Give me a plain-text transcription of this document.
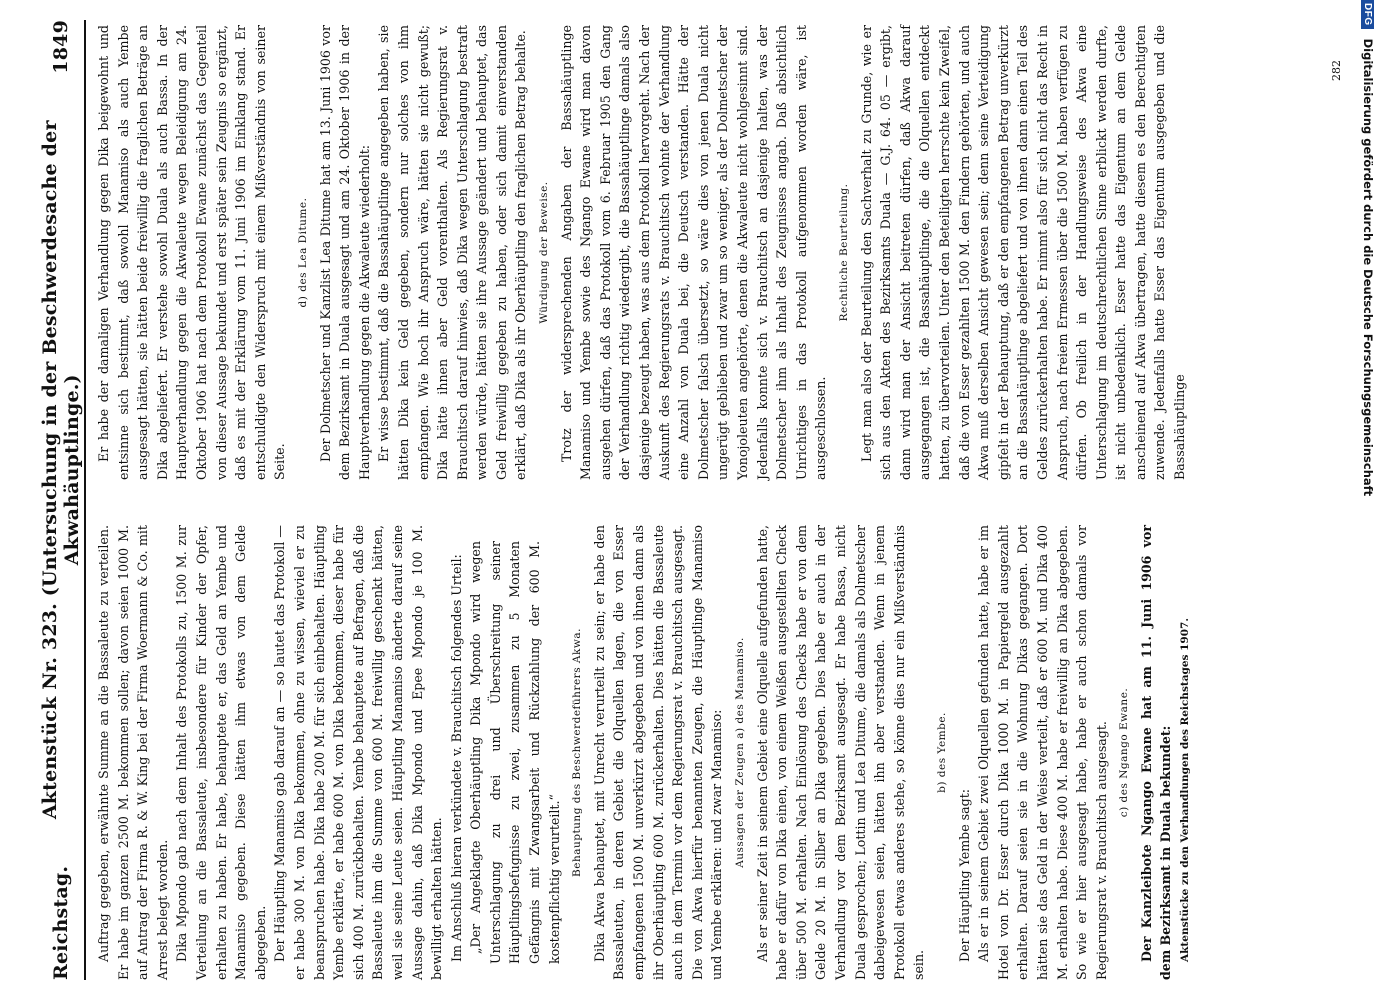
Reichstag.
Aktenstück Nr. 323. (Untersuchung in der Beschwerdesache der Akwahäuptlinge.)
1849

Auftrag gegeben, erwähnte Summe an die Bassaleute zu verteilen. Er habe im ganzen 2500 M. bekommen sollen; davon seien 1000 M. auf Antrag der Firma R. & W. King bei der Firma Woermann & Co. mit Arrest belegt worden. Dika Mpondo gab nach dem Inhalt des Protokolls zu, 1500 M. zur Verteilung an die Bassaleute, insbesondere für Kinder der Opfer, erhalten zu haben. Er habe, behauptete er, das Geld an Yembe und Manamiso gegeben. Diese hätten ihm etwas von dem Gelde abgegeben. Der Häuptling Manamiso gab darauf an — so lautet das Protokoll — er habe 300 M. von Dika bekommen, ohne zu wissen, wieviel er zu beanspruchen habe. Dika habe 200 M. für sich einbehalten. Häuptling Yembe erklärte, er habe 600 M. von Dika bekommen, dieser habe für sich 400 M. zurückbehalten. Yembe behauptete auf Befragen, daß die Bassaleute ihm die Summe von 600 M. freiwillig geschenkt hätten, weil sie seine Leute seien. Häuptling Manamiso änderte darauf seine Aussage dahin, daß Dika Mpondo und Epee Mpondo je 100 M. bewilligt erhalten hätten. Im Anschluß hieran verkündete v. Brauchitsch folgendes Urteil: „Der Angeklagte Oberhäuptling Dika Mpondo wird wegen Unterschlagung zu drei und Überschreitung seiner Häuptlingsbefugnisse zu zwei, zusammen zu 5 Monaten Gefängnis mit Zwangsarbeit und Rückzahlung der 600 M. kostenpflichtig verurteilt.“

Behauptung des Beschwerdeführers Akwa. Dika Akwa behauptet, mit Unrecht verurteilt zu sein; er habe den Bassaleuten, in deren Gebiet die Olquellen lagen, die von Esser empfangenen 1500 M. unverkürzt abgegeben und von ihnen dann als ihr Oberhäuptling 600 M. zurückerhalten. Dies hätten die Bassaleute auch in dem Termin vor dem Regierungsrat v. Brauchitsch ausgesagt. Die von Akwa hierfür benannten Zeugen, die Häuptlinge Manamiso und Yembe erklären: und zwar Manamiso: Aussagen der Zeugen a) des Manamiso. Als er seiner Zeit in seinem Gebiet eine Olquelle aufgefunden hatte, habe er dafür von Dika einen, von einem Weißen ausgestellten Check über 500 M. erhalten. Nach Einlösung des Checks habe er von dem Gelde 20 M. in Silber an Dika gegeben. Dies habe er auch in der Verhandlung vor dem Bezirksamt ausgesagt. Er habe Bassa, nicht Duala gesprochen; Lottin und Lea Ditume, die damals als Dolmetscher dabeigewesen seien, hätten ihn aber verstanden. Wenn in jenem Protokoll etwas anderes stehe, so könne dies nur ein Mißverständnis sein.

b) des Yembe.

Der Häuptling Yembe sagt: Als er in seinem Gebiet zwei Olquellen gefunden hatte, habe er im Hotel von Dr. Esser durch Dika 1000 M. in Papiergeld ausgezahlt erhalten. Darauf seien sie in die Wohnung Dikas gegangen. Dort hätten sie das Geld in der Weise verteilt, daß er 600 M. und Dika 400 M. erhalten habe. Diese 400 M. habe er freiwillig an Dika abgegeben. So wie er hier ausgesagt habe, habe er auch schon damals vor Regierungsrat v. Brauchitsch ausgesagt. c) des Ngango Ewane. Der Kanzleibote Ngango Ewane hat am 11. Juni 1906 vor dem Bezirksamt in Duala bekundet: Aktenstücke zu den Verhandlungen des Reichstages 1907.

Er habe der damaligen Verhandlung gegen Dika beigewohnt und entsinne sich bestimmt, daß sowohl Manamiso als auch Yembe ausgesagt hätten, sie hätten beide freiwillig die fraglichen Beträge an Dika abgeliefert. Er verstehe sowohl Duala als auch Bassa. In der Hauptverhandlung gegen die Akwaleute wegen Beleidigung am 24. Oktober 1906 hat nach dem Protokoll Ewane zunächst das Gegenteil von dieser Aussage bekundet und erst später sein Zeugnis so ergänzt, daß es mit der Erklärung vom 11. Juni 1906 im Einklang stand. Er entschuldigte den Widerspruch mit einem Mißverständnis von seiner Seite.

d) des Lea Ditume. Der Dolmetscher und Kanzlist Lea Ditume hat am 13. Juni 1906 vor dem Bezirksamt in Duala ausgesagt und am 24. Oktober 1906 in der Hauptverhandlung gegen die Akwaleute wiederholt: Er wisse bestimmt, daß die Bassahäuptlinge angegeben haben, sie hätten Dika kein Geld gegeben, sondern nur solches von ihm empfangen. Wie hoch ihr Anspruch wäre, hätten sie nicht gewußt; Dika hätte ihnen aber Geld vorenthalten. Als Regierungsrat v. Brauchitsch darauf hinwies, daß Dika wegen Unterschlagung bestraft werden würde, hätten sie ihre Aussage geändert und behauptet, das Geld freiwillig gegeben zu haben, oder sich damit einverstanden erklärt, daß Dika als ihr Oberhäuptling den fraglichen Betrag behalte. Würdigung der Beweise. Trotz der widersprechenden Angaben der Bassahäuptlinge Manamiso und Yembe sowie des Ngango Ewane wird man davon ausgehen dürfen, daß das Protokoll vom 6. Februar 1905 den Gang der Verhandlung richtig wiedergibt, die Bassahäuptlinge damals also dasjenige bezeugt haben, was aus dem Protokoll hervorgeht. Nach der Auskunft des Regierungsrats v. Brauchitsch wohnte der Verhandlung eine Anzahl von Duala bei, die Deutsch verstanden. Hätte der Dolmetscher falsch übersetzt, so wäre dies von jenen Duala nicht ungerügt geblieben und zwar um so weniger, als der Dolmetscher der Yonojoleuten angehörte, denen die Akwaleute nicht wohlgesinnt sind. Jedenfalls konnte sich v. Brauchitsch an dasjenige halten, was der Dolmetscher ihm als Inhalt des Zeugnisses angab. Daß absichtlich Unrichtiges in das Protokoll aufgenommen worden wäre, ist ausgeschlossen.

Rechtliche Beurteilung. Legt man also der Beurteilung den Sachverhalt zu Grunde, wie er sich aus den Akten des Bezirksamts Duala — G.J. 64. 05 — ergibt, dann wird man der Ansicht beitreten dürfen, daß Akwa darauf ausgegangen ist, die Bassahäuptlinge, die die Olquellen entdeckt hatten, zu übervorteilen. Unter den Beteiligten herrschte kein Zweifel, daß die von Esser gezahlten 1500 M. den Findern gehörten, und auch Akwa muß derselben Ansicht gewesen sein; denn seine Verteidigung gipfelt in der Behauptung, daß er den empfangenen Betrag unverkürzt an die Bassahäuptlinge abgeliefert und von ihnen dann einen Teil des Geldes zurückerhalten habe. Er nimmt also für sich nicht das Recht in Anspruch, nach freiem Ermessen über die 1500 M. haben verfügen zu dürfen. Ob freilich in der Handlungsweise des Akwa eine Unterschlagung im deutschrechtlichen Sinne erblickt werden durfte, ist nicht unbedenklich. Esser hatte das Eigentum an dem Gelde anscheinend auf Akwa übertragen, hatte diesem es den Berechtigten zuwende. Jedenfalls hatte Esser das Eigentum ausgegeben und die Bassahäuptlinge

282
DFG
Digitalisierung gefördert durch die Deutsche Forschungsgemeinschaft
